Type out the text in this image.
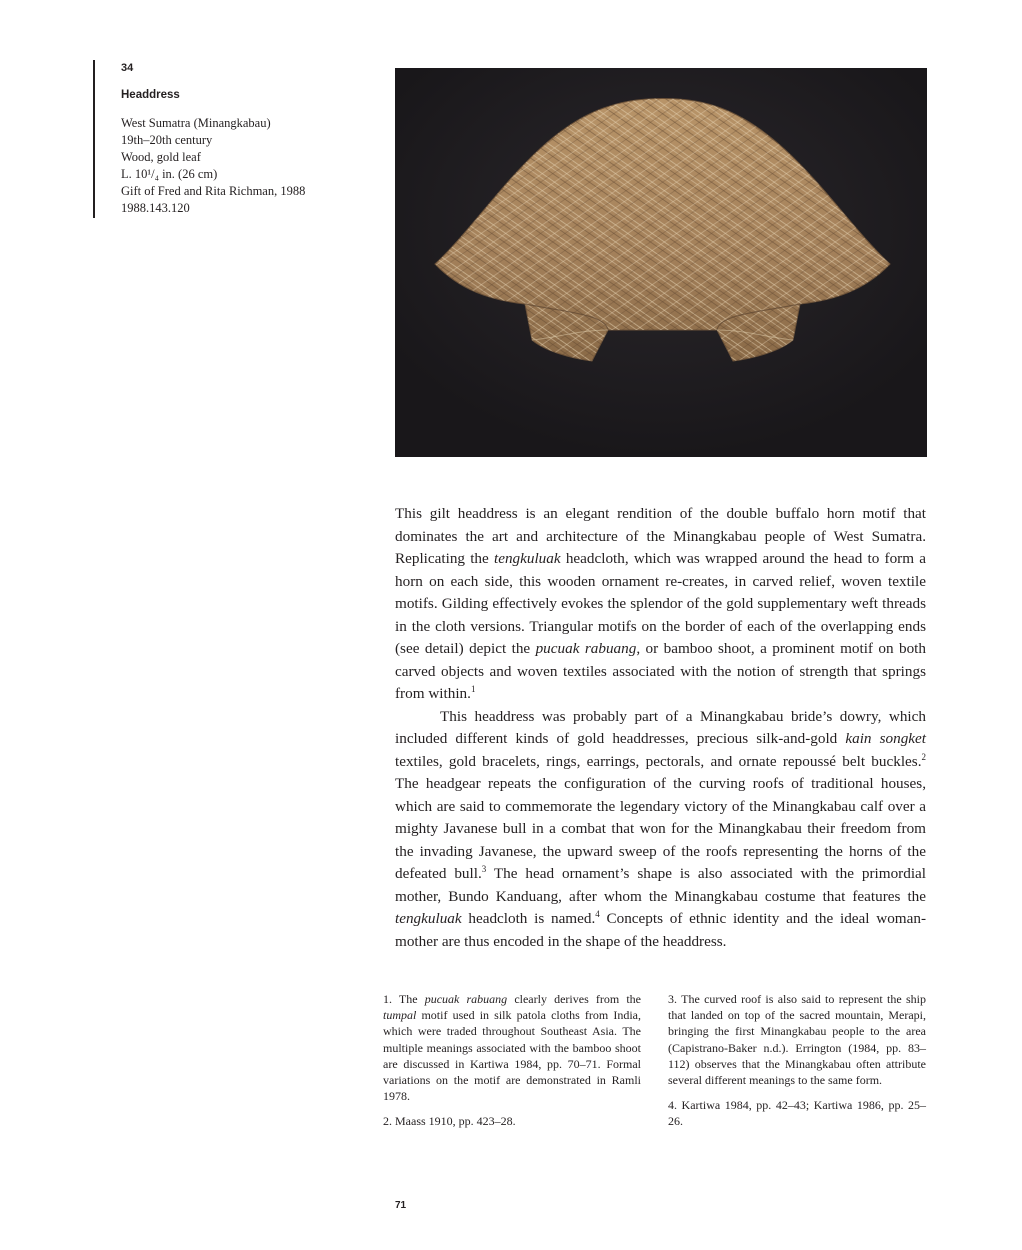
34
Headdress
West Sumatra (Minangkabau)
19th–20th century
Wood, gold leaf
L. 10¹/₄ in. (26 cm)
Gift of Fred and Rita Richman, 1988
1988.143.120

This gilt headdress is an elegant rendition of the double buffalo horn motif that dominates the art and architecture of the Minangkabau people of West Sumatra. Replicating the tengkuluak headcloth, which was wrapped around the head to form a horn on each side, this wooden ornament re-creates, in carved relief, woven textile motifs. Gilding effectively evokes the splendor of the gold supplementary weft threads in the cloth versions. Triangular motifs on the border of each of the overlapping ends (see detail) depict the pucuak rabuang, or bamboo shoot, a prominent motif on both carved objects and woven textiles associated with the notion of strength that springs from within.$^1$

This headdress was probably part of a Minangkabau bride’s dowry, which included different kinds of gold headdresses, precious silk-and-gold kain songket textiles, gold bracelets, rings, earrings, pectorals, and ornate repoussé belt buckles.$^2$ The headgear repeats the configuration of the curving roofs of traditional houses, which are said to commemorate the legendary victory of the Minangkabau calf over a mighty Javanese bull in a combat that won for the Minangkabau their freedom from the invading Javanese, the upward sweep of the roofs representing the horns of the defeated bull.$^3$ The head ornament’s shape is also associated with the primordial mother, Bundo Kanduang, after whom the Minangkabau costume that features the tengkuluak headcloth is named.$^4$ Concepts of ethnic identity and the ideal woman-mother are thus encoded in the shape of the headdress.

1. The pucuak rabuang clearly derives from the tumpal motif used in silk patola cloths from India, which were traded throughout Southeast Asia. The multiple meanings associated with the bamboo shoot are discussed in Kartiwa 1984, pp. 70–71. Formal variations on the motif are demonstrated in Ramli 1978.

2. Maass 1910, pp. 423–28.

3. The curved roof is also said to represent the ship that landed on top of the sacred mountain, Merapi, bringing the first Minangkabau people to the area (Capistrano-Baker n.d.). Errington (1984, pp. 83–112) observes that the Minangkabau often attribute several different meanings to the same form.

4. Kartiwa 1984, pp. 42–43; Kartiwa 1986, pp. 25–26.

71
